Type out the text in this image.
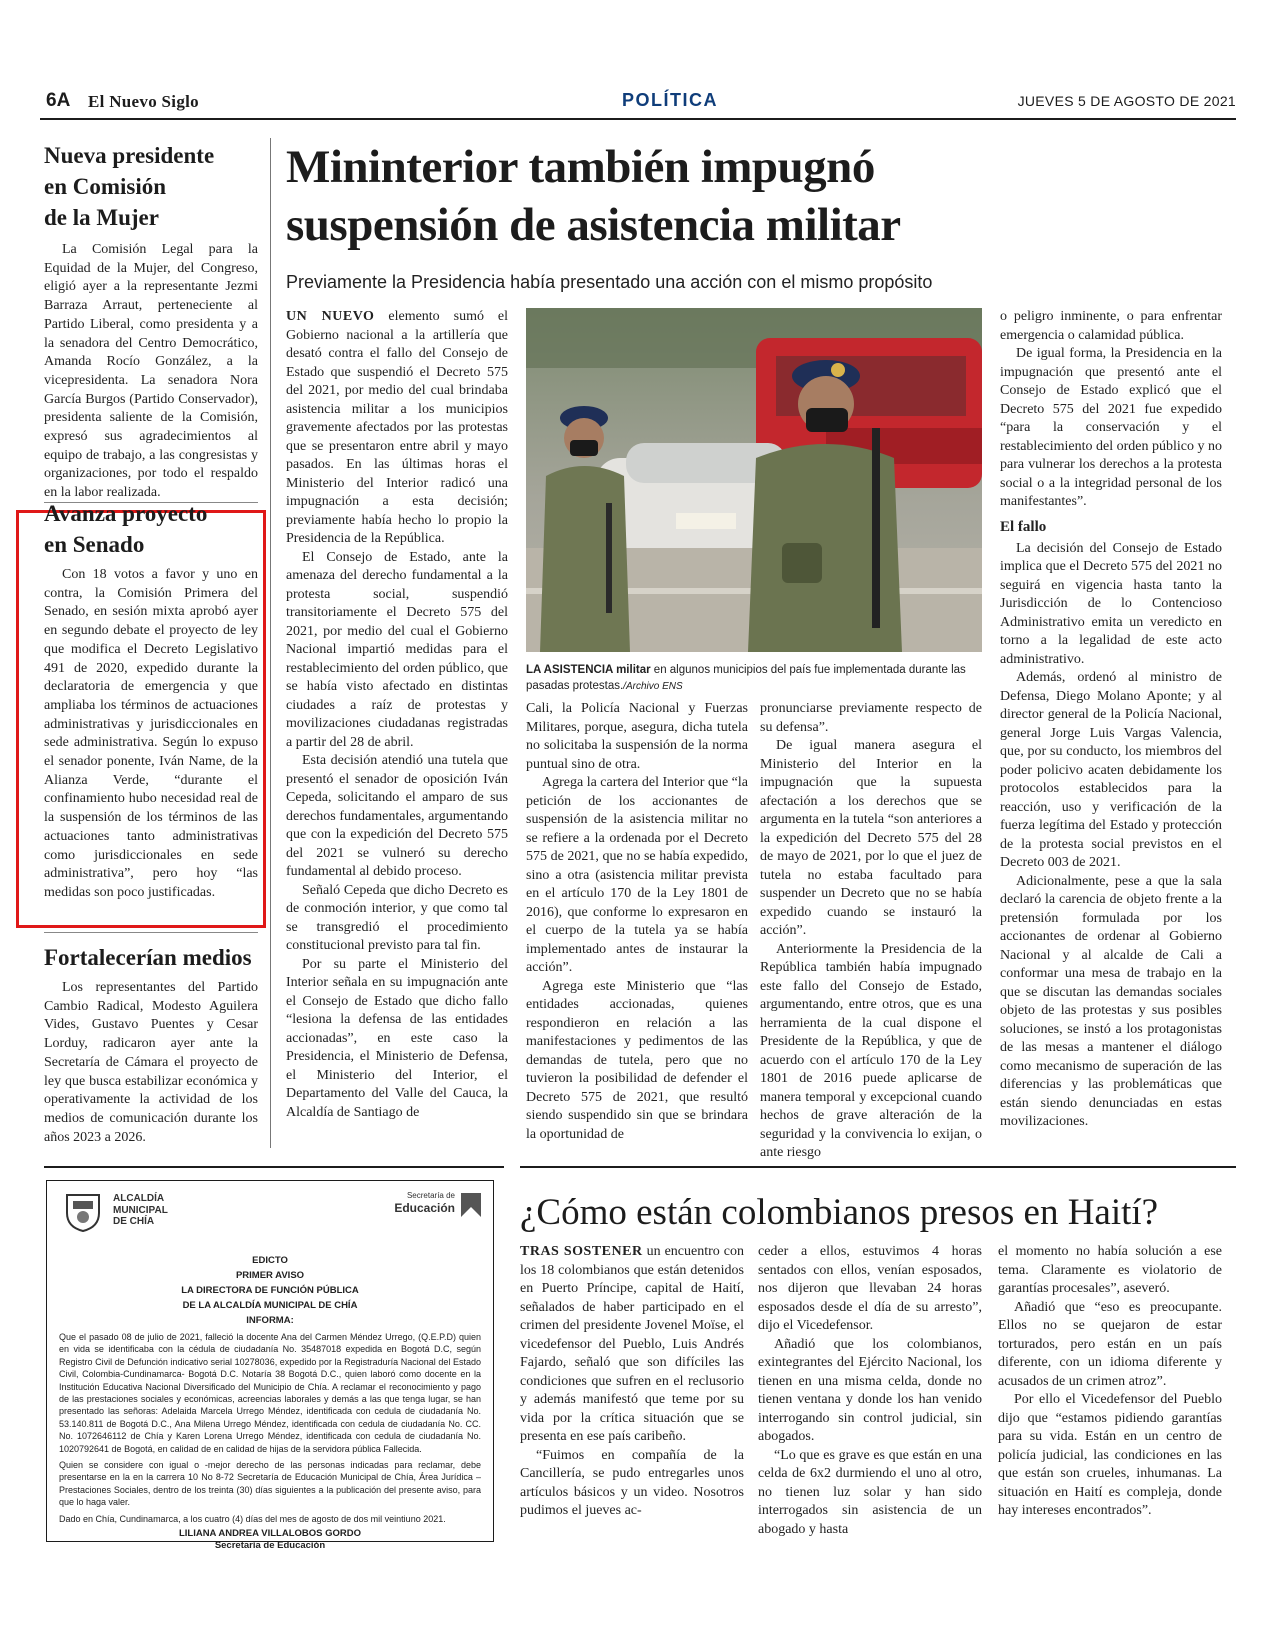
6A El Nuevo Siglo	POLÍTICA	JUEVES 5 DE AGOSTO DE 2021
Nueva presidente
en Comisión
de la Mujer

La Comisión Legal para la Equidad de la Mujer, del Congreso, eligió ayer a la representante Jezmi Barraza Arraut, perteneciente al Partido Liberal, como presidenta y a la senadora del Centro Democrático, Amanda Rocío González, a la vicepresidenta. La senadora Nora García Burgos (Partido Conservador), presidenta saliente de la Comisión, expresó sus agradecimientos al equipo de trabajo, a las congresistas y organizaciones, por todo el respaldo en la labor realizada.

Avanza proyecto
en Senado

Con 18 votos a favor y uno en contra, la Comisión Primera del Senado, en sesión mixta aprobó ayer en segundo debate el proyecto de ley que modifica el Decreto Legislativo 491 de 2020, expedido durante la declaratoria de emergencia y que ampliaba los términos de actuaciones administrativas y jurisdiccionales en sede administrativa. Según lo expuso el senador ponente, Iván Name, de la Alianza Verde, “durante el confinamiento hubo necesidad real de la suspensión de los términos de las actuaciones tanto administrativas como jurisdiccionales en sede administrativa”, pero hoy “las medidas son poco justificadas.

Fortalecerían medios

Los representantes del Partido Cambio Radical, Modesto Aguilera Vides, Gustavo Puentes y Cesar Lorduy, radicaron ayer ante la Secretaría de Cámara el proyecto de ley que busca estabilizar económica y operativamente la actividad de los medios de comunicación durante los años 2023 a 2026.

Mininterior también impugnó
suspensión de asistencia militar
Previamente la Presidencia había presentado una acción con el mismo propósito

UN NUEVO elemento sumó el Gobierno nacional a la artillería que desató contra el fallo del Consejo de Estado que suspendió el Decreto 575 del 2021, por medio del cual brindaba asistencia militar a los municipios gravemente afectados por las protestas que se presentaron entre abril y mayo pasados. En las últimas horas el Ministerio del Interior radicó una impugnación a esta decisión; previamente había hecho lo propio la Presidencia de la República.

El Consejo de Estado, ante la amenaza del derecho fundamental a la protesta social, suspendió transitoriamente el Decreto 575 del 2021, por medio del cual el Gobierno Nacional impartió medidas para el restablecimiento del orden público, que se había visto afectado en distintas ciudades a raíz de protestas y movilizaciones ciudadanas registradas a partir del 28 de abril.

Esta decisión atendió una tutela que presentó el senador de oposición Iván Cepeda, solicitando el amparo de sus derechos fundamentales, argumentando que con la expedición del Decreto 575 del 2021 se vulneró su derecho fundamental al debido proceso.

Señaló Cepeda que dicho Decreto es de conmoción interior, y que como tal se transgredió el procedimiento constitucional previsto para tal fin.

Por su parte el Ministerio del Interior señala en su impugnación ante el Consejo de Estado que dicho fallo “lesiona la defensa de las entidades accionadas”, en este caso la Presidencia, el Ministerio de Defensa, el Ministerio del Interior, el Departamento del Valle del Cauca, la Alcaldía de Santiago de

LA ASISTENCIA militar en algunos municipios del país fue implementada durante las pasadas protestas./Archivo ENS

Cali, la Policía Nacional y Fuerzas Militares, porque, asegura, dicha tutela no solicitaba la suspensión de la norma puntual sino de otra.

Agrega la cartera del Interior que “la petición de los accionantes de suspensión de la asistencia militar no se refiere a la ordenada por el Decreto 575 de 2021, que no se había expedido, sino a otra (asistencia militar prevista en el artículo 170 de la Ley 1801 de 2016), que conforme lo expresaron en el cuerpo de la tutela ya se había implementado antes de instaurar la acción”.

Agrega este Ministerio que “las entidades accionadas, quienes respondieron en relación a las manifestaciones y pedimentos de las demandas de tutela, pero que no tuvieron la posibilidad de defender el Decreto 575 de 2021, que resultó siendo suspendido sin que se brindara la oportunidad de

pronunciarse previamente respecto de su defensa”.

De igual manera asegura el Ministerio del Interior en la impugnación que la supuesta afectación a los derechos que se argumenta en la tutela “son anteriores a la expedición del Decreto 575 del 28 de mayo de 2021, por lo que el juez de tutela no estaba facultado para suspender un Decreto que no se había expedido cuando se instauró la acción”.

Anteriormente la Presidencia de la República también había impugnado este fallo del Consejo de Estado, argumentando, entre otros, que es una herramienta de la cual dispone el Presidente de la República, y que de acuerdo con el artículo 170 de la Ley 1801 de 2016 puede aplicarse de manera temporal y excepcional cuando hechos de grave alteración de la seguridad y la convivencia lo exijan, o ante riesgo

o peligro inminente, o para enfrentar emergencia o calamidad pública.

De igual forma, la Presidencia en la impugnación que presentó ante el Consejo de Estado explicó que el Decreto 575 del 2021 fue expedido “para la conservación y el restablecimiento del orden público y no para vulnerar los derechos a la protesta social o a la integridad personal de los manifestantes”.

El fallo

La decisión del Consejo de Estado implica que el Decreto 575 del 2021 no seguirá en vigencia hasta tanto la Jurisdicción de lo Contencioso Administrativo emita un veredicto en torno a la legalidad de este acto administrativo.

Además, ordenó al ministro de Defensa, Diego Molano Aponte; y al director general de la Policía Nacional, general Jorge Luis Vargas Valencia, que, por su conducto, los miembros del poder policivo acaten debidamente los protocolos establecidos para la reacción, uso y verificación de la fuerza legítima del Estado y protección de la protesta social previstos en el Decreto 003 de 2021.

Adicionalmente, pese a que la sala declaró la carencia de objeto frente a la pretensión formulada por los accionantes de ordenar al Gobierno Nacional y al alcalde de Cali a conformar una mesa de trabajo en la que se discutan las demandas sociales objeto de las protestas y sus posibles soluciones, se instó a los protagonistas de las mesas a mantener el diálogo como mecanismo de superación de las diferencias y las problemáticas que están siendo denunciadas en estas movilizaciones.

ALCALDÍA
MUNICIPAL
DE CHÍA
Secretaría de
Educación
EDICTO
PRIMER AVISO
LA DIRECTORA DE FUNCIÓN PÚBLICA
DE LA ALCALDÍA MUNICIPAL DE CHÍA
INFORMA:

Que el pasado 08 de julio de 2021, falleció la docente Ana del Carmen Méndez Urrego, (Q.E.P.D) quien en vida se identificaba con la cédula de ciudadanía No. 35487018 expedida en Bogotá D.C, según Registro Civil de Defunción indicativo serial 10278036, expedido por la Registraduría Nacional del Estado Civil, Colombia-Cundinamarca- Bogotá D.C. Notaría 38 Bogotá D.C., quien laboró como docente en la Institución Educativa Nacional Diversificado del Municipio de Chía. A reclamar el reconocimiento y pago de las prestaciones sociales y económicas, acreencias laborales y demás a las que tenga lugar, se han presentado las señoras: Adelaida Marcela Urrego Méndez, identificada con cedula de ciudadanía No. 53.140.811 de Bogotá D.C., Ana Milena Urrego Méndez, identificada con cedula de ciudadanía No. CC. No. 1072646112 de Chía y Karen Lorena Urrego Méndez, identificada con cedula de ciudadanía No. 1020792641 de Bogotá, en calidad de en calidad de hijas de la servidora pública Fallecida.

Quien se considere con igual o -mejor derecho de las personas indicadas para reclamar, debe presentarse en la en la carrera 10 No 8-72 Secretaría de Educación Municipal de Chía, Área Jurídica –Prestaciones Sociales, dentro de los treinta (30) días siguientes a la publicación del presente aviso, para que lo haga valer.

Dado en Chía, Cundinamarca, a los cuatro (4) días del mes de agosto de dos mil veintiuno 2021.

LILIANA ANDREA VILLALOBOS GORDO
Secretaria de Educación
¿Cómo están colombianos presos en Haití?

TRAS SOSTENER un encuentro con los 18 colombianos que están detenidos en Puerto Príncipe, capital de Haití, señalados de haber participado en el crimen del presidente Jovenel Moïse, el vicedefensor del Pueblo, Luis Andrés Fajardo, señaló que son difíciles las condiciones que sufren en el reclusorio y además manifestó que teme por su vida por la crítica situación que se presenta en ese país caribeño.

“Fuimos en compañía de la Cancillería, se pudo entregarles unos artículos básicos y un video. Nosotros pudimos el jueves ac-

ceder a ellos, estuvimos 4 horas sentados con ellos, venían esposados, nos dijeron que llevaban 24 horas esposados desde el día de su arresto”, dijo el Vicedefensor.

Añadió que los colombianos, exintegrantes del Ejército Nacional, los tienen en una misma celda, donde no tienen ventana y donde los han venido interrogando sin control judicial, sin abogados.

“Lo que es grave es que están en una celda de 6x2 durmiendo el uno al otro, no tienen luz solar y han sido interrogados sin asistencia de un abogado y hasta

el momento no había solución a ese tema. Claramente es violatorio de garantías procesales”, aseveró.

Añadió que “eso es preocupante. Ellos no se quejaron de estar torturados, pero están en un país diferente, con un idioma diferente y acusados de un crimen atroz”.

Por ello el Vicedefensor del Pueblo dijo que “estamos pidiendo garantías para su vida. Están en un centro de policía judicial, las condiciones en las que están son crueles, inhumanas. La situación en Haití es compleja, donde hay intereses encontrados”.
